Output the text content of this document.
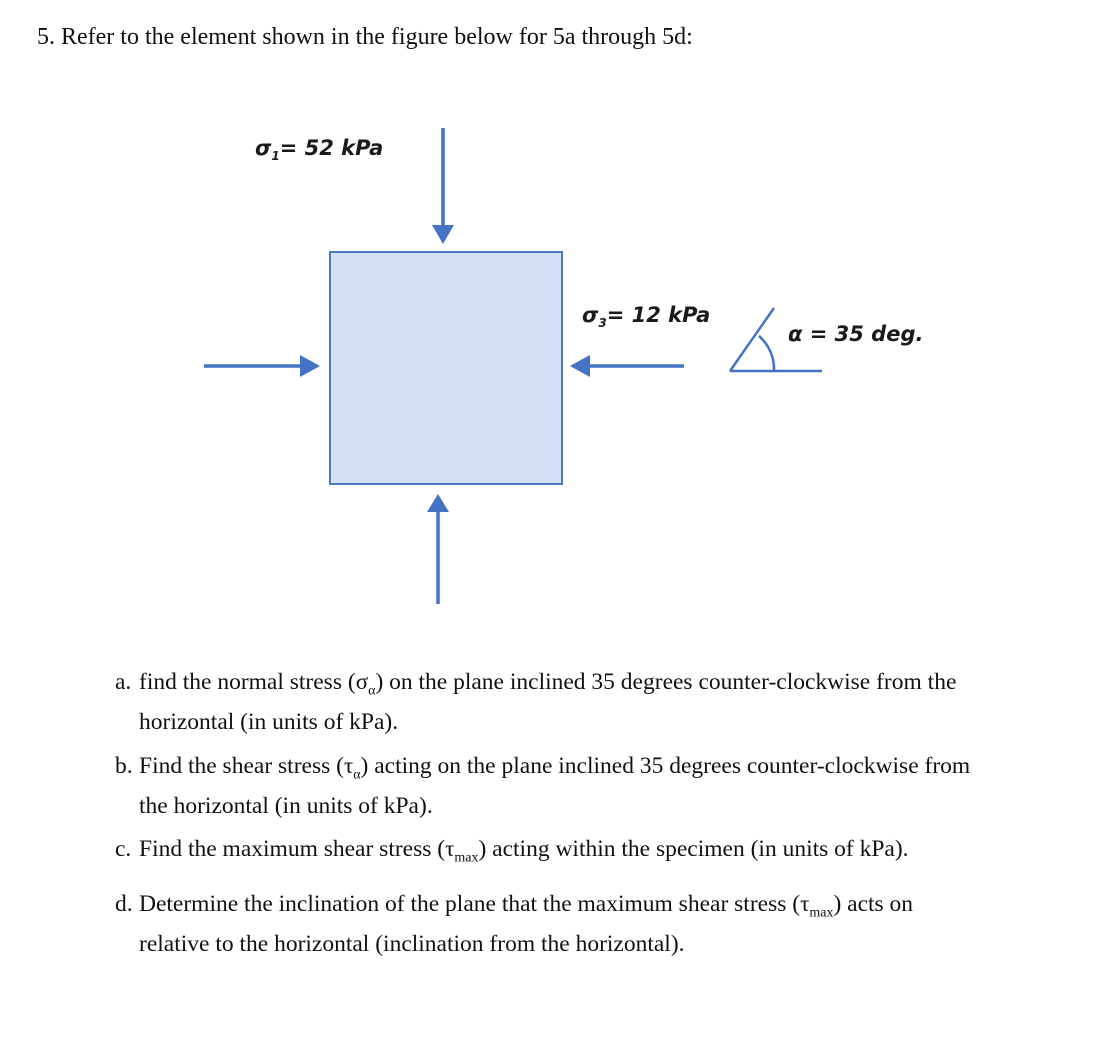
5. Refer to the element shown in the figure below for 5a through 5d:
$\sigma_1= 52$ kPa
$\sigma_3= 12$ kPa
α = 35 deg.
a. find the normal stress $(\sigma_\alpha)$ on the plane inclined 35 degrees counter-clockwise from the
horizontal (in units of kPa).
b. Find the shear stress $(\tau_\alpha)$ acting on the plane inclined 35 degrees counter-clockwise from
the horizontal (in units of kPa).
c. Find the maximum shear stress $(\tau_{max})$ acting within the specimen (in units of kPa).
d. Determine the inclination of the plane that the maximum shear stress $(\tau_{max})$ acts on
relative to the horizontal (inclination from the horizontal).
